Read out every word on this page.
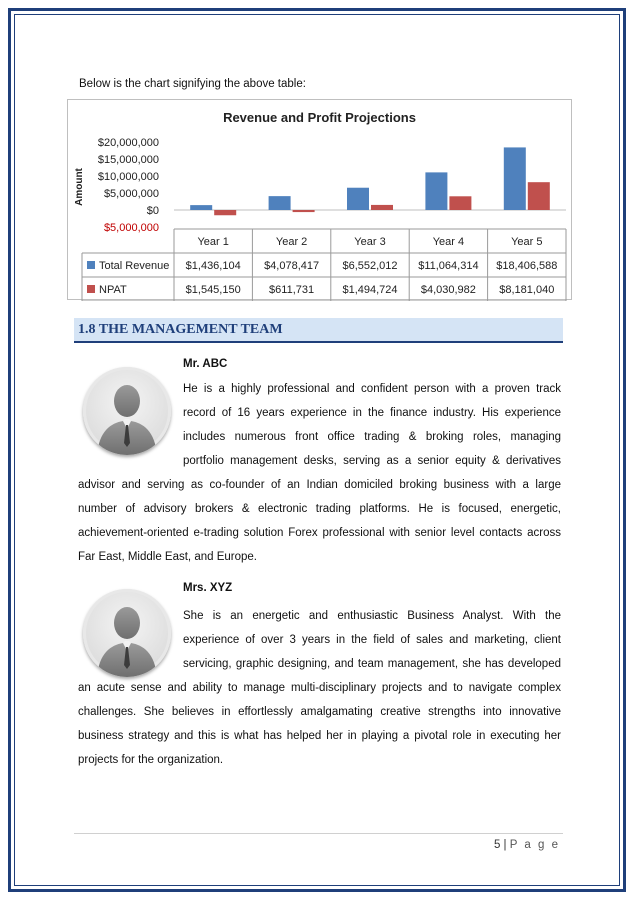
Below is the chart signifying the above table:
Revenue and Profit Projections
Amount
$20,000,000
$15,000,000
$10,000,000
$5,000,000
$0
$5,000,000
Year 1	Year 2	Year 3	Year 4	Year 5
Total Revenue $1,436,104 $4,078,417 $6,552,012 $11,064,314 $18,406,588
NPAT	$1,545,150	$611,731	$1,494,724 $4,030,982 $8,181,040
1.8 THE MANAGEMENT TEAM
Mr. ABC
He is a highly professional and confident person with a proven track
record of 16 years experience in the finance industry. His experience
includes numerous front office trading & broking roles, managing
portfolio management desks, serving as a senior equity & derivatives
advisor and serving as co-founder of an Indian domiciled broking business with a large
number of advisory brokers & electronic trading platforms. He is focused, energetic,
achievement-oriented e-trading solution Forex professional with senior level contacts across
Far East, Middle East, and Europe.
Mrs. XYZ
She is an energetic and enthusiastic Business Analyst. With the
experience of over 3 years in the field of sales and marketing, client
servicing, graphic designing, and team management, she has developed
an acute sense and ability to manage multi-disciplinary projects and to navigate complex
challenges. She believes in effortlessly amalgamating creative strengths into innovative
business strategy and this is what has helped her in playing a pivotal role in executing her
projects for the organization.
5 | P a g e
